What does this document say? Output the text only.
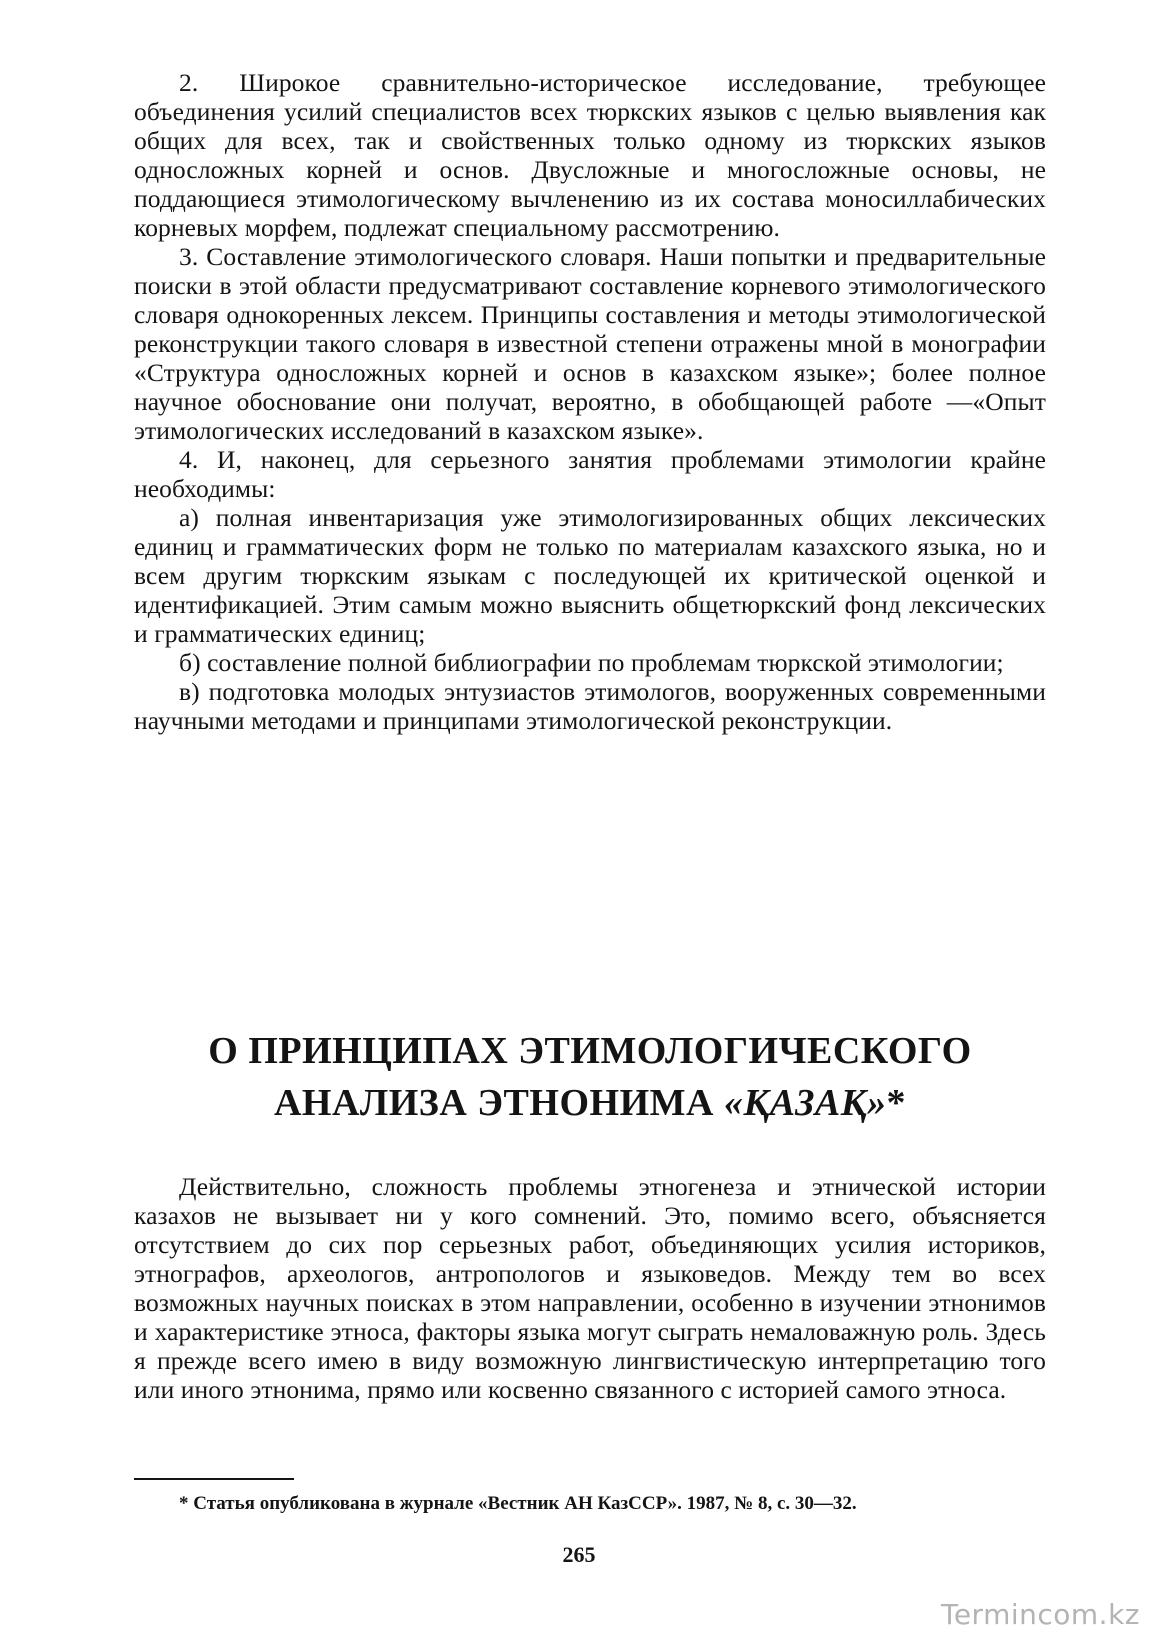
2. Широкое сравнительно-историческое исследование, требующее объединения усилий специалистов всех тюркских языков с целью выявления как общих для всех, так и свойственных только одному из тюркских языков односложных корней и основ. Двусложные и многосложные основы, не поддающиеся этимологическому вычленению из их состава моносиллабических корневых морфем, подлежат специальному рассмотрению.

3. Составление этимологического словаря. Наши попытки и предварительные поиски в этой области предусматривают составление корневого этимологического словаря однокоренных лексем. Принципы составления и методы этимологической реконструкции такого словаря в известной степени отражены мной в монографии «Структура односложных корней и основ в казахском языке»; более полное научное обоснование они получат, вероятно, в обобщающей работе —«Опыт этимологических исследований в казахском языке».

4. И, наконец, для серьезного занятия проблемами этимологии крайне необходимы:

а) полная инвентаризация уже этимологизированных общих лексических единиц и грамматических форм не только по материалам казахского языка, но и всем другим тюркским языкам с последующей их критической оценкой и идентификацией. Этим самым можно выяснить общетюркский фонд лексических и грамматических единиц;

б) составление полной библиографии по проблемам тюркской этимологии;

в) подготовка молодых энтузиастов этимологов, вооруженных современными научными методами и принципами этимологической реконструкции.

О ПРИНЦИПАХ ЭТИМОЛОГИЧЕСКОГО
АНАЛИЗА ЭТНОНИМА «ҚАЗАҚ»*

Действительно, сложность проблемы этногенеза и этнической истории казахов не вызывает ни у кого сомнений. Это, помимо всего, объясняется отсутствием до сих пор серьезных работ, объединяющих усилия историков, этнографов, археологов, антропологов и языковедов. Между тем во всех возможных научных поисках в этом направлении, особенно в изучении этнонимов и характеристике этноса, факторы языка могут сыграть немаловажную роль. Здесь я прежде всего имею в виду возможную лингвистическую интерпретацию того или иного этнонима, прямо или косвенно связанного с историей самого этноса.

* Статья опубликована в журнале «Вестник АН КазССР». 1987, № 8, с. 30—32.
265
Termincom.kz
